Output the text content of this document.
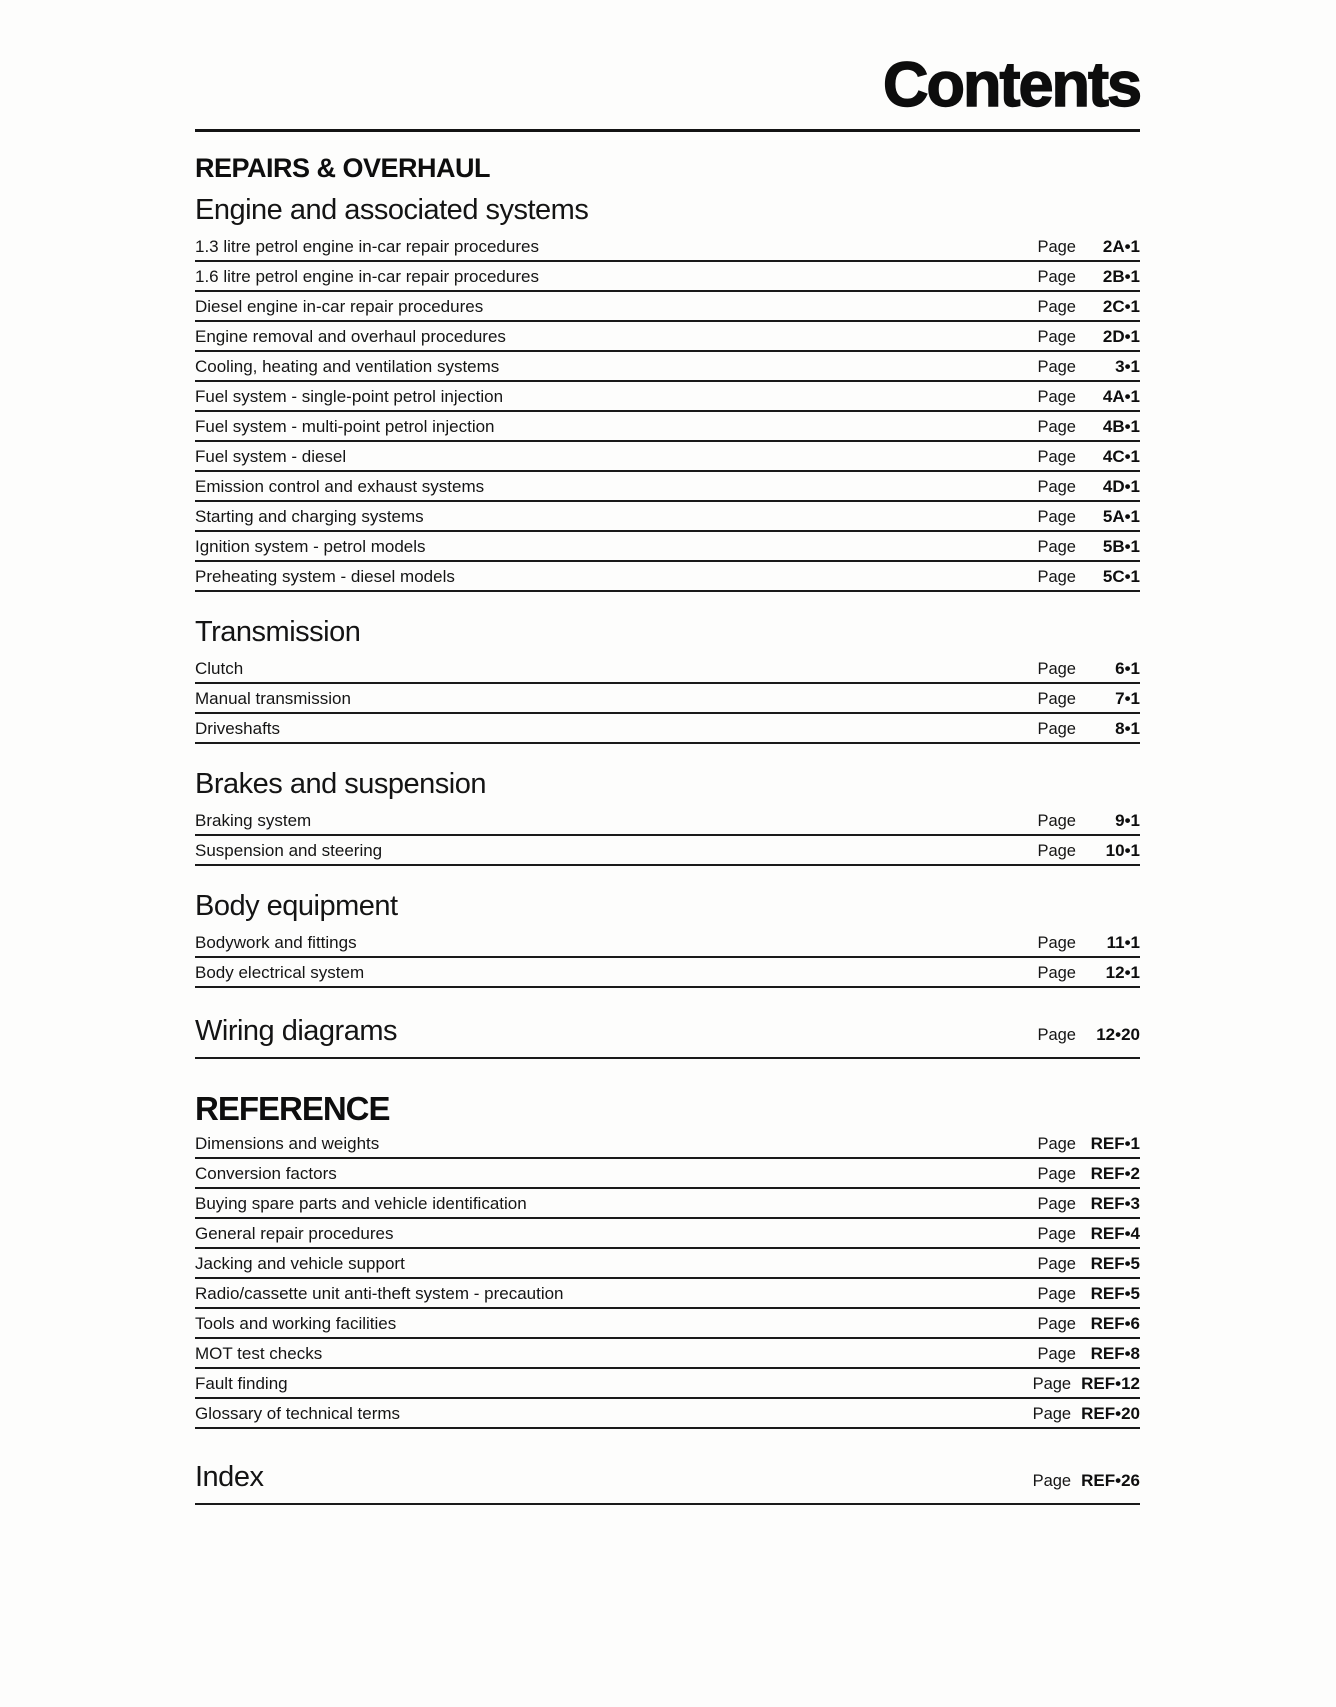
Contents
REPAIRS & OVERHAUL
Engine and associated systems
1.3 litre petrol engine in-car repair procedures	Page	2A•1
1.6 litre petrol engine in-car repair procedures	Page	2B•1
Diesel engine in-car repair procedures	Page	2C•1
Engine removal and overhaul procedures	Page	2D•1
Cooling, heating and ventilation systems	Page	3•1
Fuel system - single-point petrol injection	Page	4A•1
Fuel system - multi-point petrol injection	Page	4B•1
Fuel system - diesel	Page	4C•1
Emission control and exhaust systems	Page	4D•1
Starting and charging systems	Page	5A•1
Ignition system - petrol models	Page	5B•1
Preheating system - diesel models	Page	5C•1
Transmission
Clutch	Page	6•1
Manual transmission	Page	7•1
Driveshafts	Page	8•1
Brakes and suspension
Braking system	Page	9•1
Suspension and steering	Page	10•1
Body equipment
Bodywork and fittings	Page	11•1
Body electrical system	Page	12•1
Wiring diagrams	Page	12•20
REFERENCE
Dimensions and weights	Page REF•1
Conversion factors	Page REF•2
Buying spare parts and vehicle identification	Page REF•3
General repair procedures	Page REF•4
Jacking and vehicle support	Page REF•5
Radio/cassette unit anti-theft system - precaution	Page REF•5
Tools and working facilities	Page REF•6
MOT test checks	Page REF•8
Fault finding	Page REF•12
Glossary of technical terms	Page REF•20
Index	Page REF•26
